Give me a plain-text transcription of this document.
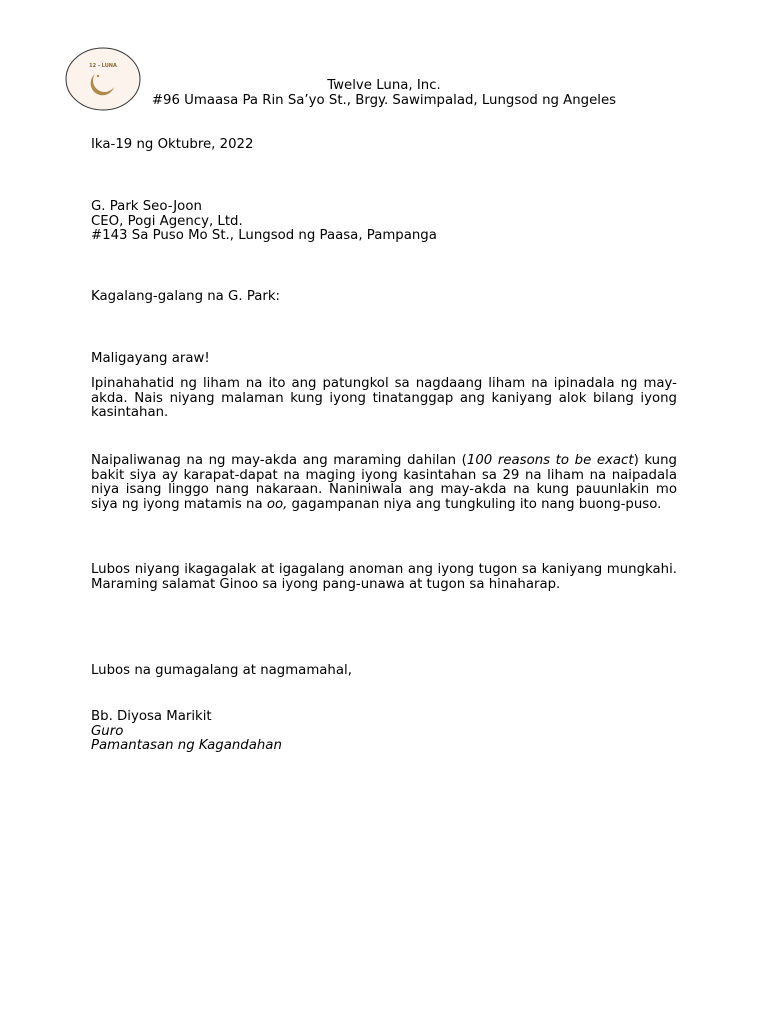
12 - LUNA
Twelve Luna, Inc.
#96 Umaasa Pa Rin Sa’yo St., Brgy. Sawimpalad, Lungsod ng Angeles
Ika-19 ng Oktubre, 2022
G. Park Seo-Joon
CEO, Pogi Agency, Ltd.
#143 Sa Puso Mo St., Lungsod ng Paasa, Pampanga
Kagalang-galang na G. Park:
Maligayang araw!
Ipinahahatid ng liham na ito ang patungkol sa nagdaang liham na ipinadala ng may-akda. Nais niyang malaman kung iyong tinatanggap ang kaniyang alok bilang iyong kasintahan.
Naipaliwanag na ng may-akda ang maraming dahilan (100 reasons to be exact) kung bakit siya ay karapat-dapat na maging iyong kasintahan sa 29 na liham na naipadala niya isang linggo nang nakaraan. Naniniwala ang may-akda na kung pauunlakin mo siya ng iyong matamis na oo, gagampanan niya ang tungkuling ito nang buong-puso.
Lubos niyang ikagagalak at igagalang anoman ang iyong tugon sa kaniyang mungkahi. Maraming salamat Ginoo sa iyong pang-unawa at tugon sa hinaharap.
Lubos na gumagalang at nagmamahal,
Bb. Diyosa Marikit
Guro
Pamantasan ng Kagandahan
